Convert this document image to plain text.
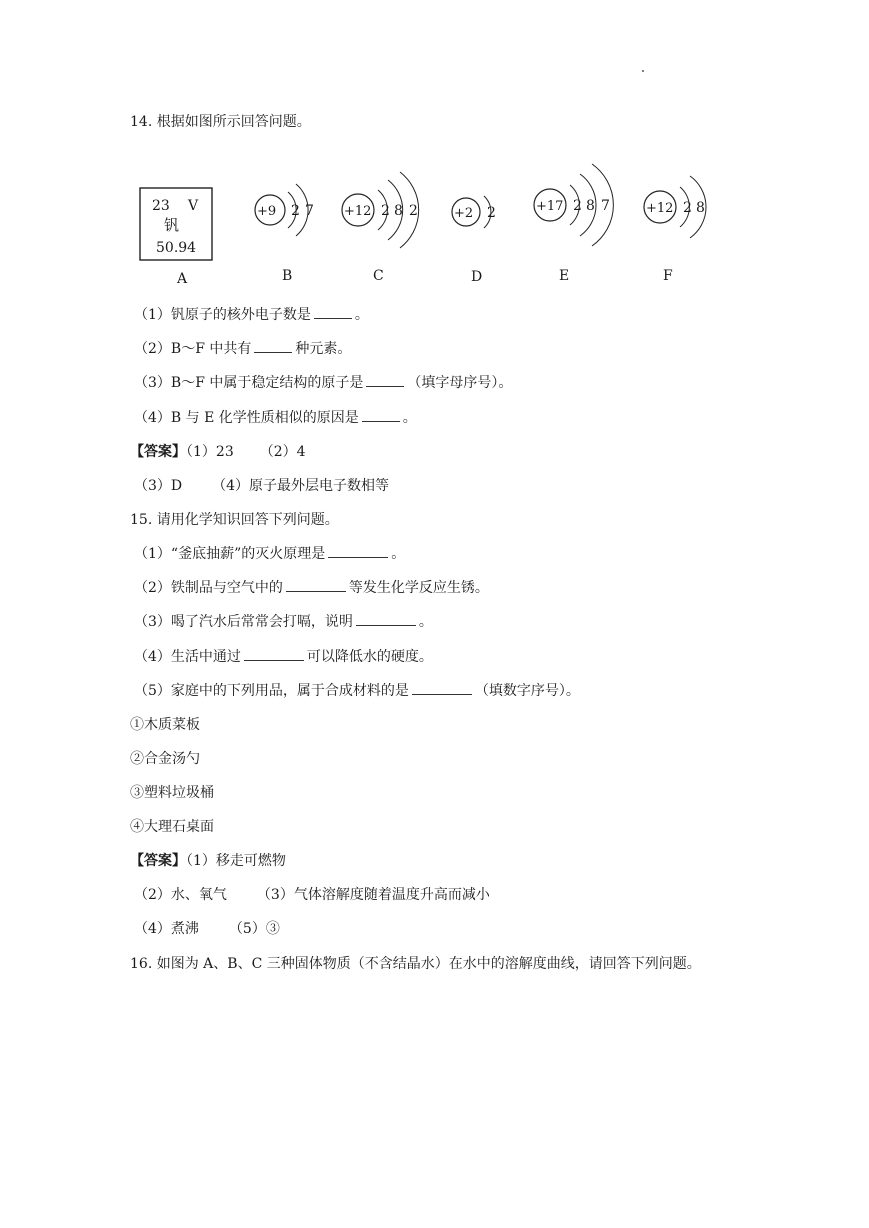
14. 根据如图所示回答问题。
23 V
钒
50.94
+9 2 7 +12 2 8 2	+2 2	+17 2 8 7	+12 2 8
A	B	C	D	E	F
（1）钒原子的核外电子数是	。
（2）B～F 中共有	种元素。
（3）B～F 中属于稳定结构的原子是	（填字母序号）。
（4）B 与 E 化学性质相似的原因是	。
【答案】（1）23 （2）4
（3）D （4）原子最外层电子数相等
15. 请用化学知识回答下列问题。
（1）“釜底抽薪”的灭火原理是	。
（2）铁制品与空气中的	等发生化学反应生锈。
（3）喝了汽水后常常会打嗝，说明	。
（4）生活中通过	可以降低水的硬度。
（5）家庭中的下列用品，属于合成材料的是	（填数字序号）。
①木质菜板
②合金汤勺
③塑料垃圾桶
④大理石桌面
【答案】（1）移走可燃物
（2）水、氧气 （3）气体溶解度随着温度升高而减小
（4）煮沸 （5）③
16. 如图为 A、B、C 三种固体物质（不含结晶水）在水中的溶解度曲线，请回答下列问题。
